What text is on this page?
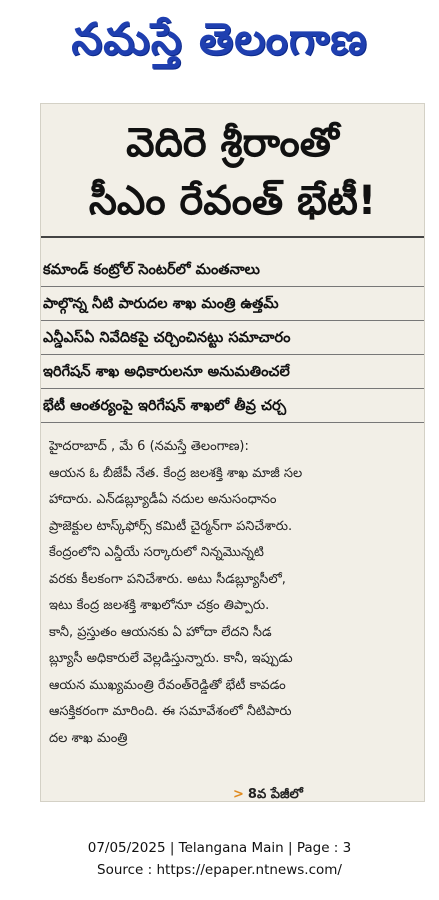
నమస్తే తెలంగాణ
వెదిరె శ్రీరాంతో
సీఎం రేవంత్ భేటీ!
కమాండ్ కంట్రోల్ సెంటర్‌లో మంతనాలు
పాల్గొన్న నీటి పారుదల శాఖ మంత్రి ఉత్తమ్
ఎన్డీఎస్ఏ నివేదికపై చర్చించినట్టు సమాచారం
ఇరిగేషన్ శాఖ అధికారులనూ అనుమతించలే
భేటీ ఆంతర్యంపై ఇరిగేషన్ శాఖలో తీవ్ర చర్చ
హైదరాబాద్ , మే 6 (నమస్తే తెలంగాణ):
ఆయన ఓ బీజేపీ నేత. కేంద్ర జలశక్తి శాఖ మాజీ సల
హాదారు. ఎన్‌డబ్ల్యూడీఏ నదుల అనుసంధానం
ప్రాజెక్టుల టాస్క్‌ఫోర్స్ కమిటీ చైర్మన్‌గా పనిచేశారు.
కేంద్రంలోని ఎన్డీయే సర్కారులో నిన్నమొన్నటి
వరకు కీలకంగా పనిచేశారు. అటు సీడబ్ల్యూసీలో,
ఇటు కేంద్ర జలశక్తి శాఖలోనూ చక్రం తిప్పారు.
కానీ, ప్రస్తుతం ఆయనకు ఏ హోదా లేదని సీడ
బ్ల్యూసీ అధికారులే వెల్లడిస్తున్నారు. కానీ, ఇప్పుడు
ఆయన ముఖ్యమంత్రి రేవంత్‌రెడ్డితో భేటీ కావడం
ఆసక్తికరంగా మారింది. ఈ సమావేశంలో నీటిపారు
దల శాఖ మంత్రి
> 8వ పేజీలో
07/05/2025 | Telangana Main | Page : 3
Source : https://epaper.ntnews.com/
